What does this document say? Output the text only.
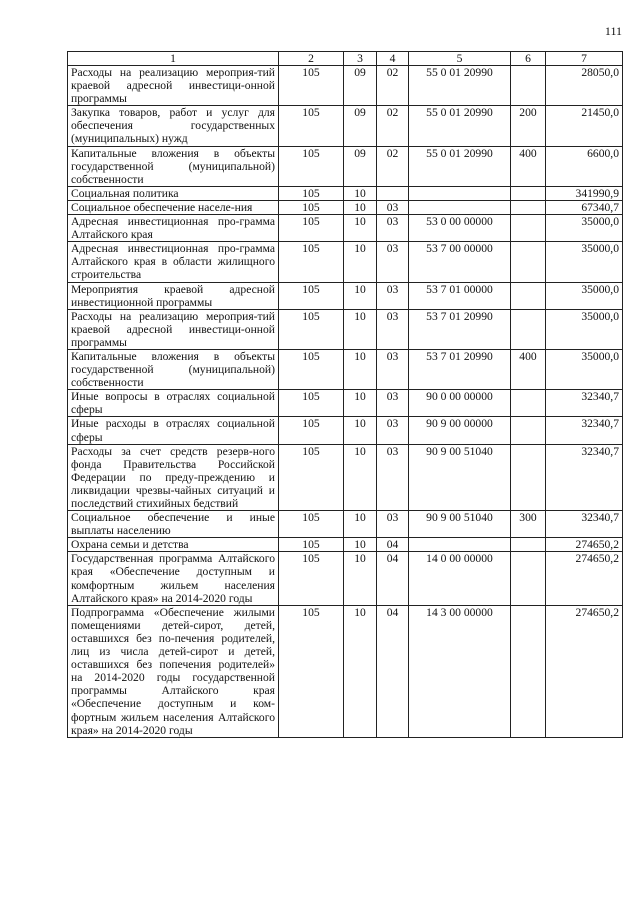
111
1	2	3	4	5	6	7
Расходы на реализацию мероприя-тий краевой адресной инвестици-онной программы	105	09	02	55 0 01 20990		28050,0
Закупка товаров, работ и услуг для обеспечения государственных (муниципальных) нужд	105	09	02	55 0 01 20990	200	21450,0
Капитальные вложения в объекты государственной (муниципальной) собственности	105	09	02	55 0 01 20990	400	6600,0
Социальная политика	105	10				341990,9
Социальное обеспечение населе-ния	105	10	03			67340,7
Адресная инвестиционная про-грамма Алтайского края	105	10	03	53 0 00 00000		35000,0
Адресная инвестиционная про-грамма Алтайского края в области жилищного строительства	105	10	03	53 7 00 00000		35000,0
Мероприятия краевой адресной инвестиционной программы	105	10	03	53 7 01 00000		35000,0
Расходы на реализацию мероприя-тий краевой адресной инвестици-онной программы	105	10	03	53 7 01 20990		35000,0
Капитальные вложения в объекты государственной (муниципальной) собственности	105	10	03	53 7 01 20990	400	35000,0
Иные вопросы в отраслях социальной сферы	105	10	03	90 0 00 00000		32340,7
Иные расходы в отраслях социальной сферы	105	10	03	90 9 00 00000		32340,7
Расходы за счет средств резерв-ного фонда Правительства Российской Федерации по преду-преждению и ликвидации чрезвы-чайных ситуаций и последствий стихийных бедствий	105	10	03	90 9 00 51040		32340,7
Социальное обеспечение и иные выплаты населению	105	10	03	90 9 00 51040	300	32340,7
Охрана семьи и детства	105	10	04			274650,2
Государственная программа Алтайского края «Обеспечение доступным и комфортным жильем населения Алтайского края» на 2014-2020 годы	105	10	04	14 0 00 00000		274650,2
Подпрограмма «Обеспечение жилыми помещениями детей-сирот, детей, оставшихся без по-печения родителей, лиц из числа детей-сирот и детей, оставшихся без попечения родителей» на 2014-2020 годы государственной программы Алтайского края «Обеспечение доступным и ком-фортным жильем населения Алтайского края» на 2014-2020 годы	105	10	04	14 3 00 00000		274650,2
